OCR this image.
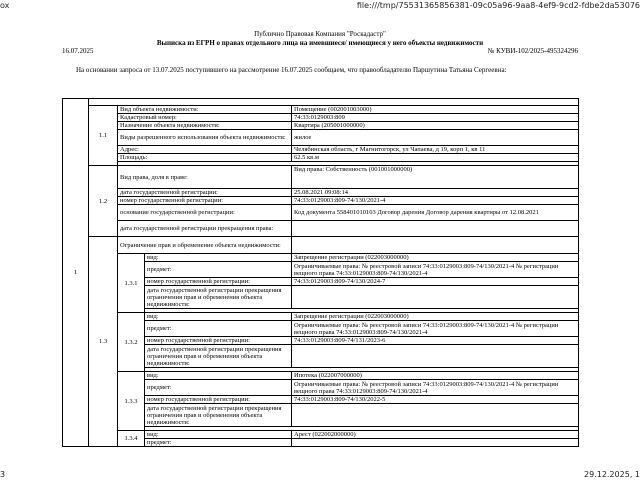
ox	file:///tmp/75531365856381-09c05a96-9aa8-4ef9-9cd2-fdbe2da53076
Публично Правовая Компания "Роскадастр"
Выписка из ЕГРН о правах отдельного лица на имевшиеся/ имеющиеся у него объекты недвижимости
16.07.2025	№ КУВИ-102/2025-495324296
На основании запроса от 13.07.2025 поступившего на рассмотрение 16.07.2025 сообщаем, что правообладателю Паршутина Татьяна Сергеевна:
1				
	1.1	Вид объекта недвижимости:		Помещение (002001003000)
		Кадастровый номер:		74:33:0129003:809
		Назначение объекта недвижимости:		Квартира (205001000000)
		Виды разрешенного использования объекта недвижимости:		жилое
		Адрес:		Челябинская область, г Магнитогорск, ул Чапаева, д 19, корп 1, кв 11
		Площадь:		62.5 кв.м

	1.2	Вид права, доля в праве:		Вид права: Собственность (001001000000)
		дата государственной регистрации:		25.08.2021 09:08:14
		номер государственной регистрации:		74:33:0129003:809-74/130/2021-4
		основание государственной регистрации:		Код документа 558401010103 Договор дарения Договор дарения квартиры от 12.08.2021
		дата государственной регистрации прекращения права:		
	1.3	Ограничение прав и обременение объекта недвижимости:		
		1.3.1	вид:	Запрещение регистрации (022003000000)
			предмет:	Ограничиваемые права: № реестровой записи 74:33:0129003:809-74/130/2021-4 № регистрации вещного права 74:33:0129003:809-74/130/2021-4
			номер государственной регистрации:	74:33:0129003:809-74/130/2024-7
			дата государственной регистрации прекращения ограничения прав и обременения объекта недвижимости:	

		1.3.2	вид:	Запрещение регистрации (022003000000)
			предмет:	Ограничиваемые права: № реестровой записи 74:33:0129003:809-74/130/2021-4 № регистрации вещного права 74:33:0129003:809-74/130/2021-4
			номер государственной регистрации:	74:33:0129003:809-74/131/2023-6
			дата государственной регистрации прекращения ограничения прав и обременения объекта недвижимости:	

		1.3.3	вид:	Ипотека (022007000000)
			предмет:	Ограничиваемые права: № реестровой записи 74:33:0129003:809-74/130/2021-4 № регистрации вещного права 74:33:0129003:809-74/130/2021-4
			номер государственной регистрации:	74:33:0129003:809-74/130/2022-5
			дата государственной регистрации прекращения ограничения прав и обременения объекта недвижимости:	

		1.3.4	вид:	Арест (022002000000)
			предмет:	
3	29.12.2025, 1
